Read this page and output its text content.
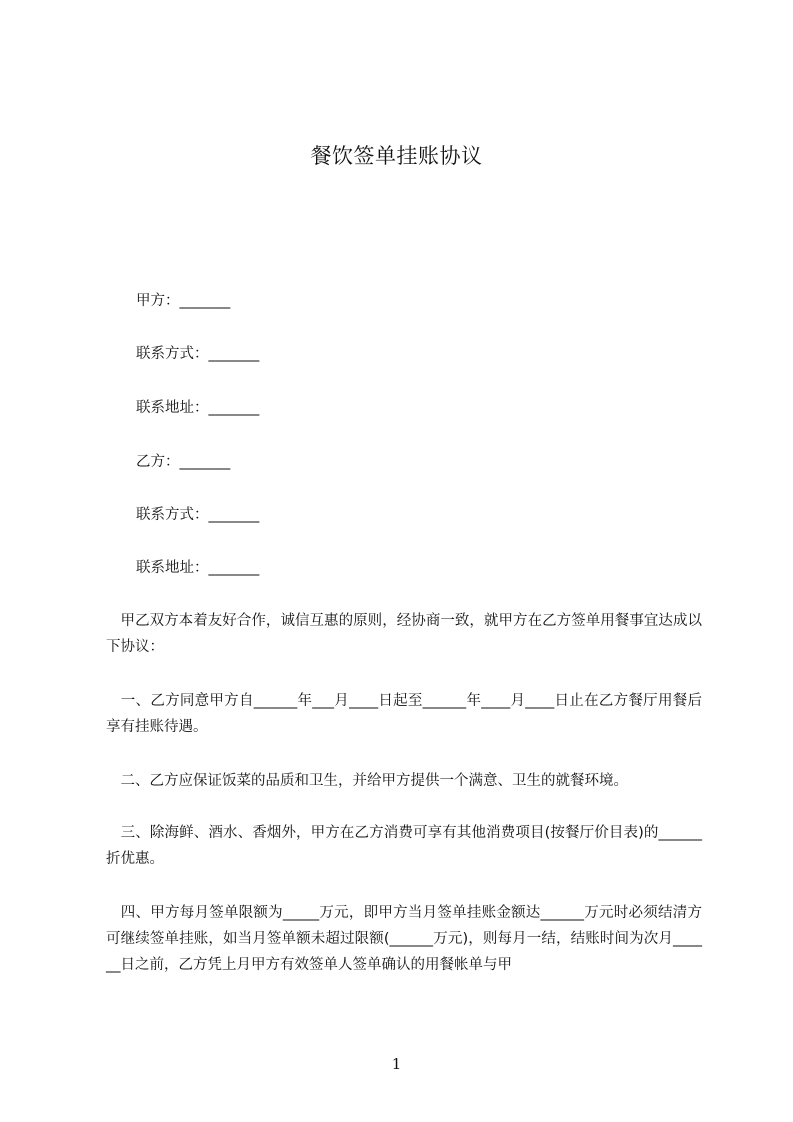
餐饮签单挂账协议
甲方：_______
联系方式：_______
联系地址：_______
乙方：_______
联系方式：_______
联系地址：_______

　甲乙双方本着友好合作，诚信互惠的原则，经协商一致，就甲方在乙方签单用餐事宜达成以下协议：

　一、乙方同意甲方自______年___月____日起至______年____月____日止在乙方餐厅用餐后享有挂账待遇。

　二、乙方应保证饭菜的品质和卫生，并给甲方提供一个满意、卫生的就餐环境。

　三、除海鲜、酒水、香烟外，甲方在乙方消费可享有其他消费项目(按餐厅价目表)的______折优惠。

　四、甲方每月签单限额为_____万元，即甲方当月签单挂账金额达______万元时必须结清方可继续签单挂账，如当月签单额未超过限额(______万元)，则每月一结，结账时间为次月______日之前，乙方凭上月甲方有效签单人签单确认的用餐帐单与甲

1
